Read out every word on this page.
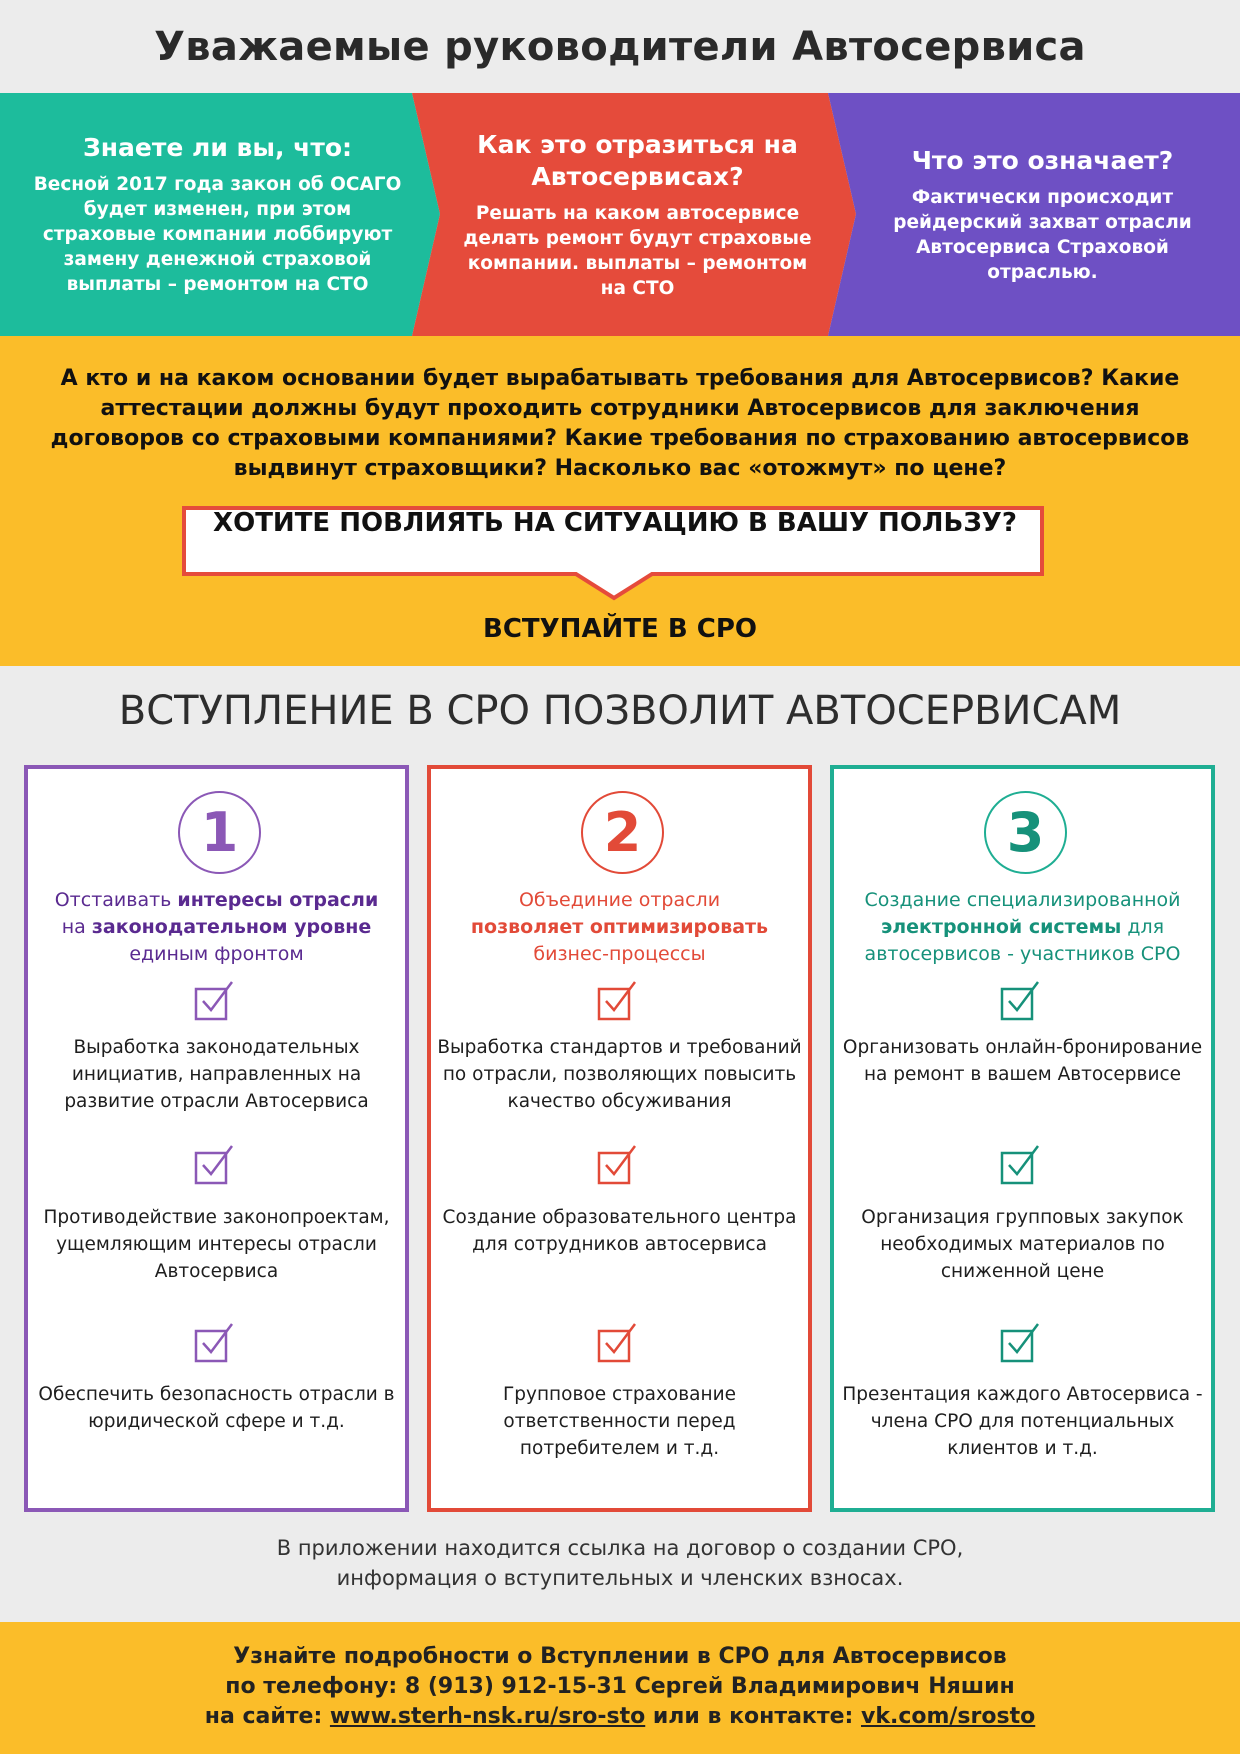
Уважаемые руководители Автосервиса
Знаете ли вы, что:

Весной 2017 года закон об ОСАГО будет изменен, при этом страховые компании лоббируют замену денежной страховой выплаты – ремонтом на СТО

Как это отразиться на Автосервисах?

Решать на каком автосервисе делать ремонт будут страховые компании. выплаты – ремонтом на СТО

Что это означает?

Фактически происходит рейдерский захват отрасли Автосервиса Страховой отраслью.

А кто и на каком основании будет вырабатывать требования для Автосервисов? Какие аттестации должны будут проходить сотрудники Автосервисов для заключения договоров со страховыми компаниями? Какие требования по страхованию автосервисов выдвинут страховщики? Насколько вас «отожмут» по цене?

ХОТИТЕ ПОВЛИЯТЬ НА СИТУАЦИЮ В ВАШУ ПОЛЬЗУ?
ВСТУПАЙТЕ В СРО
ВСТУПЛЕНИЕ В СРО ПОЗВОЛИТ АВТОСЕРВИСАМ
1
Отстаивать интересы отрасли
на законодательном уровне
единым фронтом
Выработка законодательных инициатив, направленных на развитие отрасли Автосервиса
Противодействие законопроектам, ущемляющим интересы отрасли Автосервиса
Обеспечить безопасность отрасли в юридической сфере и т.д.
2
Объединие отрасли
позволяет оптимизировать
бизнес-процессы
Выработка стандартов и требований по отрасли, позволяющих повысить качество обсуживания
Создание образовательного центра для сотрудников автосервиса
Групповое страхование ответственности перед потребителем и т.д.
3
Создание специализированной
электронной системы для
автосервисов - участников СРО
Организовать онлайн-бронирование на ремонт в вашем Автосервисе
Организация групповых закупок необходимых материалов по сниженной цене
Презентация каждого Автосервиса - члена СРО для потенциальных клиентов и т.д.
В приложении находится ссылка на договор о создании СРО,
информация о вступительных и членских взносах.
Узнайте подробности о Вступлении в СРО для Автосервисов
по телефону: 8 (913) 912-15-31 Сергей Владимирович Няшин
на сайте: www.sterh-nsk.ru/sro-sto или в контакте: vk.com/srosto
